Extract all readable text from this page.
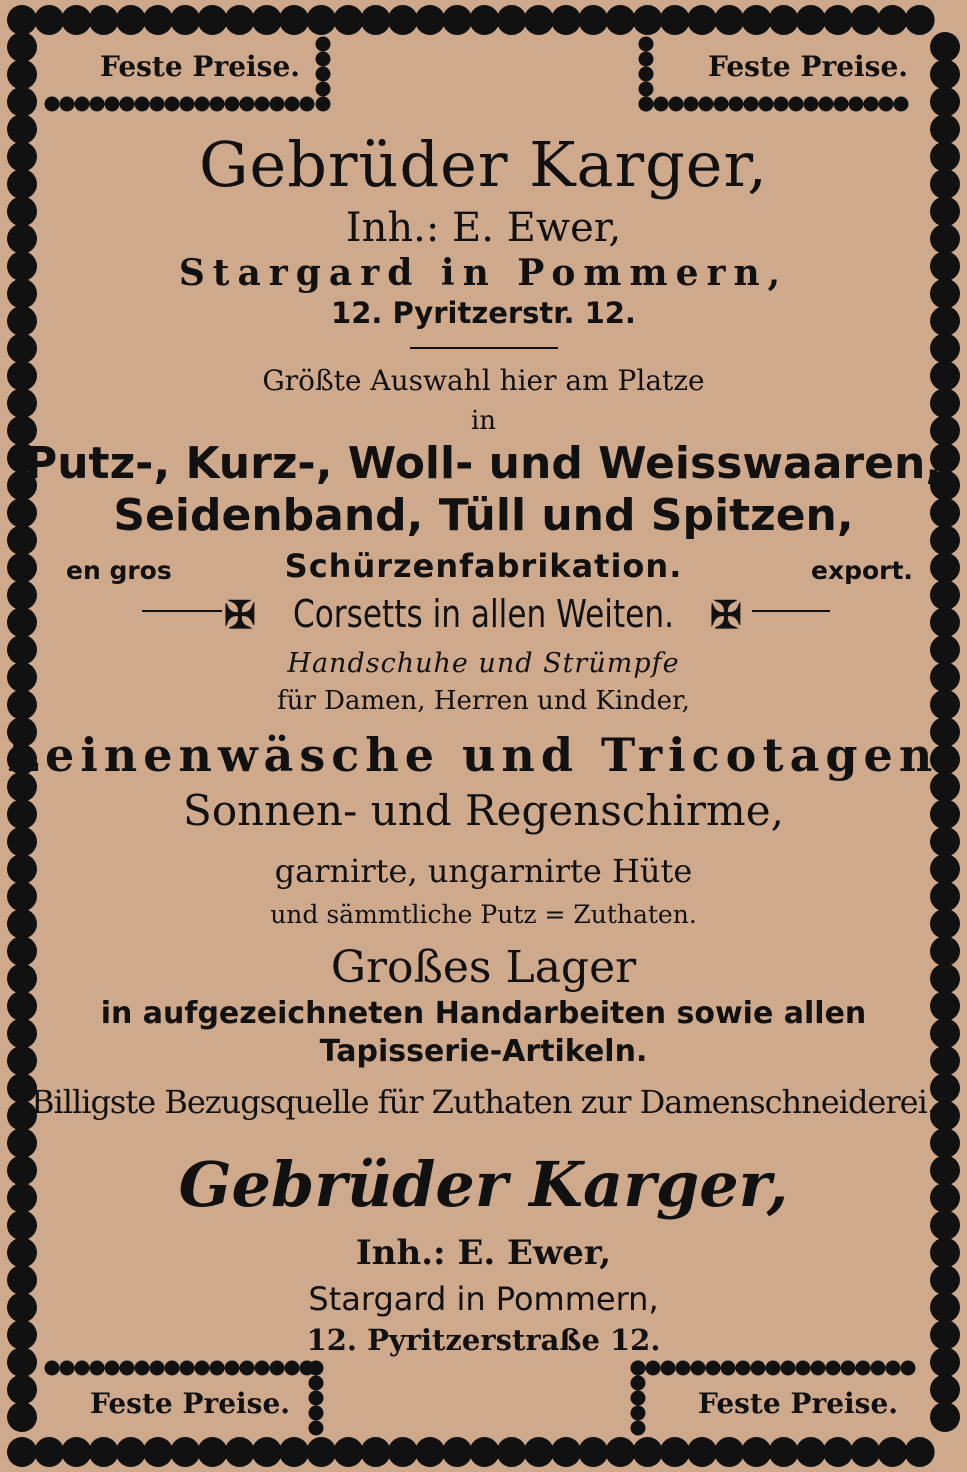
Feste Preise.	Feste Preise.
Feste Preise.	Feste Preise.
Gebrüder Karger,
Inh.: E. Ewer,
Stargard in Pommern,
12. Pyritzerstr. 12.
Größte Auswahl hier am Platze
in
Putz-, Kurz-, Woll- und Weisswaaren,
Seidenband, Tüll und Spitzen,
en gros	Schürzenfabrikation.	export.
✠ Corsetts in allen Weiten. ✠
Handschuhe und Strümpfe
für Damen, Herren und Kinder,
Leinenwäsche und Tricotagen,
Sonnen- und Regenschirme,
garnirte, ungarnirte Hüte
und sämmtliche Putz = Zuthaten.
Großes Lager
in aufgezeichneten Handarbeiten sowie allen
Tapisserie-Artikeln.
Billigste Bezugsquelle für Zuthaten zur Damenschneiderei.
Gebrüder Karger,
Inh.: E. Ewer,
Stargard in Pommern,
12. Pyritzerstraße 12.
